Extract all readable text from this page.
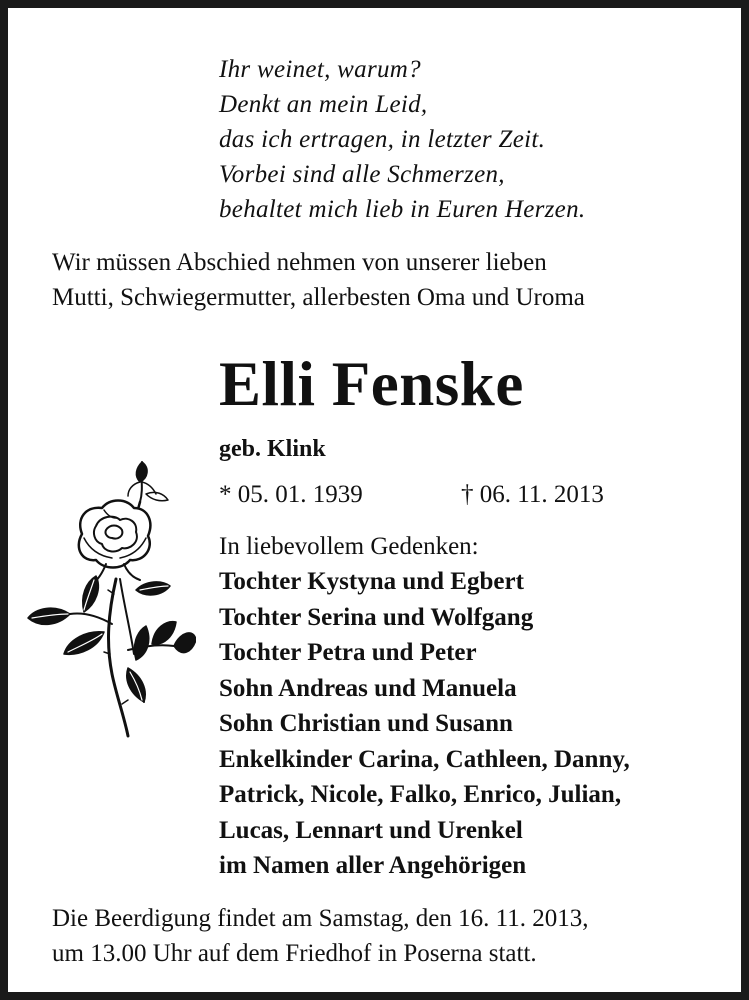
Ihr weinet, warum?
Denkt an mein Leid,
das ich ertragen, in letzter Zeit.
Vorbei sind alle Schmerzen,
behaltet mich lieb in Euren Herzen.
Wir müssen Abschied nehmen von unserer lieben
Mutti, Schwiegermutter, allerbesten Oma und Uroma
Elli Fenske
geb. Klink
* 05. 01. 1939	† 06. 11. 2013
In liebevollem Gedenken:
Tochter Kystyna und Egbert
Tochter Serina und Wolfgang
Tochter Petra und Peter
Sohn Andreas und Manuela
Sohn Christian und Susann
Enkelkinder Carina, Cathleen, Danny,
Patrick, Nicole, Falko, Enrico, Julian,
Lucas, Lennart und Urenkel
im Namen aller Angehörigen
Die Beerdigung findet am Samstag, den 16. 11. 2013,
um 13.00 Uhr auf dem Friedhof in Poserna statt.
